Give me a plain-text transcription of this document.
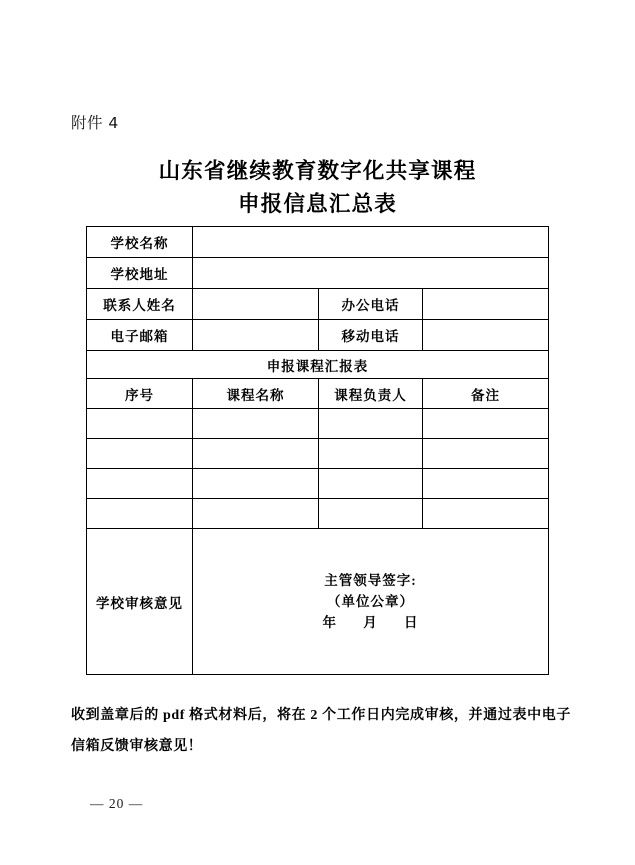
附件 4
山东省继续教育数字化共享课程
申报信息汇总表
学校名称			
学校地址			
联系人姓名		办公电话	
电子邮箱		移动电话	
申报课程汇报表			
序号	课程名称	课程负责人	备注

学校审核意见	主管领导签字:
（单位公章）
年      月      日		
收到盖章后的 pdf 格式材料后，将在 2 个工作日内完成审核，并通过表中电子信箱反馈审核意见！
— 20 —
